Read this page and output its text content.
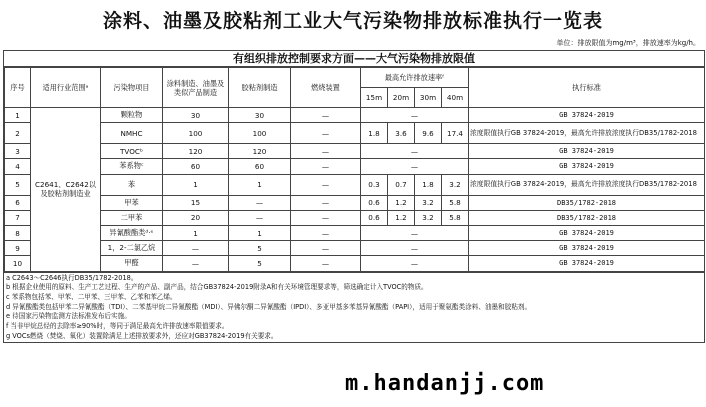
涂料、油墨及胶粘剂工业大气污染物排放标准执行一览表
单位：排放限值为mg/m³，排放速率为kg/h。
有组织排放控制要求方面——大气污染物排放限值
序号	适用行业范围ᵃ	污染物项目	涂料制造、油墨及类似产品制造	胶粘剂制造	燃烧装置	最高允许排放速率ᶠ				执行标准
						15m	20m	30m	40m	
1	C2641、C2642以及胶粘剂制造业	颗粒物	30	30	—	—				GB 37824-2019
2		NMHC	100	100	—	1.8	3.6	9.6	17.4	浓度限值执行GB 37824-2019，最高允许排放浓度执行DB35/1782-2018
3		TVOCᵇ	120	120	—	—				GB 37824-2019
4		苯系物ᶜ	60	60	—	—				GB 37824-2019
5		苯	1	1	—	0.3	0.7	1.8	3.2	浓度限值执行GB 37824-2019，最高允许排放浓度执行DB35/1782-2018
6		甲苯	15	—	—	0.6	1.2	3.2	5.8	DB35/1782-2018
7		二甲苯	20	—	—	0.6	1.2	3.2	5.8	DB35/1782-2018
8		异氰酸酯类ᵈ·ᵉ	1	1	—	—				GB 37824-2019
9		1，2-二氯乙烷	—	5	—	—				GB 37824-2019
10		甲醛	—	5	—	—				GB 37824-2019
a C2643～C2646执行DB35/1782-2018。
b 根据企业使用的原料、生产工艺过程、生产的产品、副产品，结合GB37824-2019附录A和有关环境管理要求等，筛选确定计入TVOC的物质。
c 苯系物包括苯、甲苯、二甲苯、三甲苯、乙苯和苯乙烯。
d 异氰酸酯类包括甲苯二异氰酸酯（TDI）、二苯基甲烷二异氰酸酯（MDI）、异佛尔酮二异氰酸酯（IPDI）、多亚甲基多苯基异氰酸酯（PAPI），适用于聚氨酯类涂料、油墨和胶粘剂。
e 待国家污染物监测方法标准发布后实施。
f 当非甲烷总烃的去除率≥90%时，等同于满足最高允许排放速率限值要求。
g VOCs燃烧（焚烧、氧化）装置除满足上述排放要求外，还应对GB37824-2019有关要求。
m.handanjj.com
